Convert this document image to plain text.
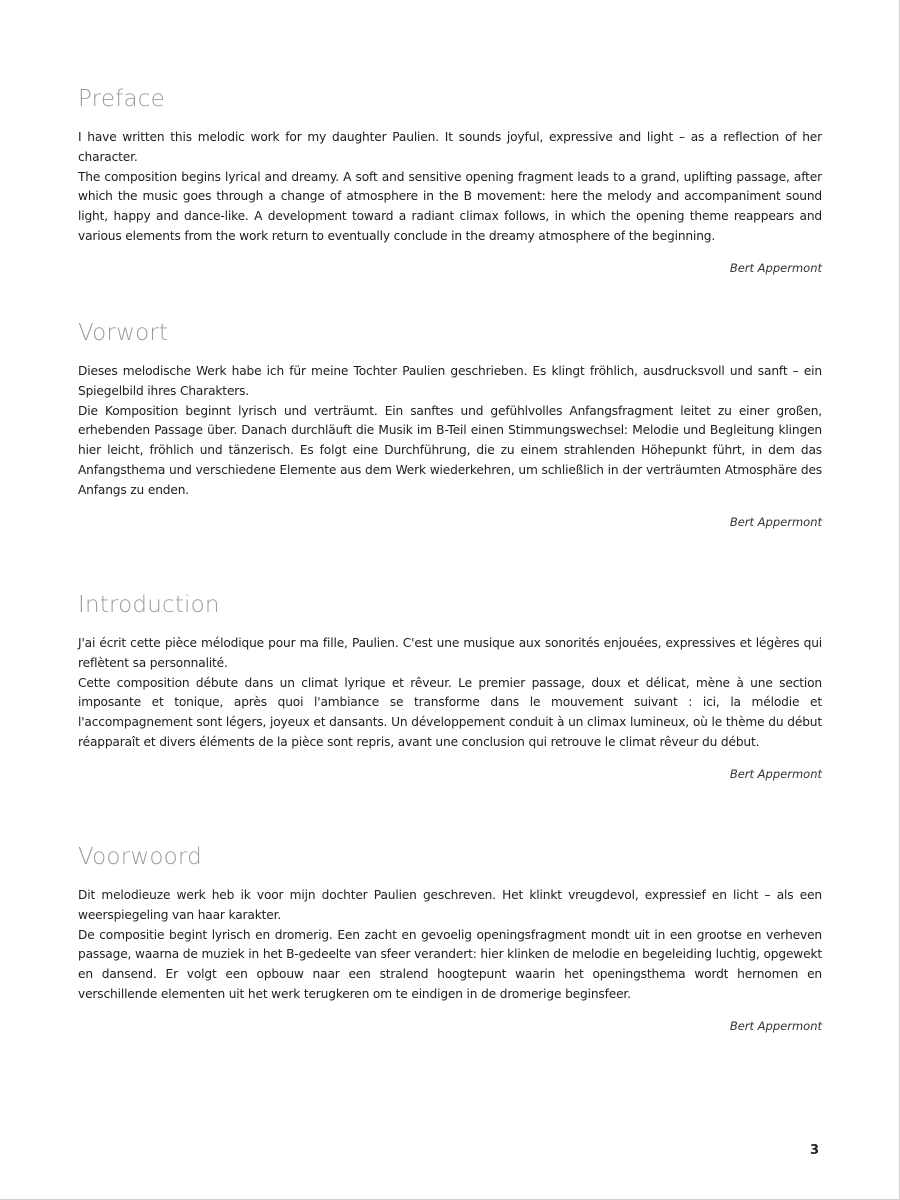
Preface

I have written this melodic work for my daughter Paulien. It sounds joyful, expressive and light – as a reflection of her character.

The composition begins lyrical and dreamy. A soft and sensitive opening fragment leads to a grand, uplifting passage, after which the music goes through a change of atmosphere in the B movement: here the melody and accompaniment sound light, happy and dance-like. A development toward a radiant climax follows, in which the opening theme reappears and various elements from the work return to eventually conclude in the dreamy atmosphere of the beginning.

Bert Appermont
Vorwort

Dieses melodische Werk habe ich für meine Tochter Paulien geschrieben. Es klingt fröhlich, ausdrucksvoll und sanft – ein Spiegelbild ihres Charakters.

Die Komposition beginnt lyrisch und verträumt. Ein sanftes und gefühlvolles Anfangsfragment leitet zu einer großen, erhebenden Passage über. Danach durchläuft die Musik im B-Teil einen Stimmungswechsel: Melodie und Begleitung klingen hier leicht, fröhlich und tänzerisch. Es folgt eine Durchführung, die zu einem strahlenden Höhepunkt führt, in dem das Anfangsthema und verschiedene Elemente aus dem Werk wiederkehren, um schließlich in der verträumten Atmosphäre des Anfangs zu enden.

Bert Appermont
Introduction

J'ai écrit cette pièce mélodique pour ma fille, Paulien. C'est une musique aux sonorités enjouées, expressives et légères qui reflètent sa personnalité.

Cette composition débute dans un climat lyrique et rêveur. Le premier passage, doux et délicat, mène à une section imposante et tonique, après quoi l'ambiance se transforme dans le mouvement suivant : ici, la mélodie et l'accompagnement sont légers, joyeux et dansants. Un développement conduit à un climax lumineux, où le thème du début réapparaît et divers éléments de la pièce sont repris, avant une conclusion qui retrouve le climat rêveur du début.

Bert Appermont
Voorwoord

Dit melodieuze werk heb ik voor mijn dochter Paulien geschreven. Het klinkt vreugdevol, expressief en licht – als een weerspiegeling van haar karakter.

De compositie begint lyrisch en dromerig. Een zacht en gevoelig openingsfragment mondt uit in een grootse en verheven passage, waarna de muziek in het B-gedeelte van sfeer verandert: hier klinken de melodie en begeleiding luchtig, opgewekt en dansend. Er volgt een opbouw naar een stralend hoogtepunt waarin het openingsthema wordt hernomen en verschillende elementen uit het werk terugkeren om te eindigen in de dromerige beginsfeer.

Bert Appermont
3
